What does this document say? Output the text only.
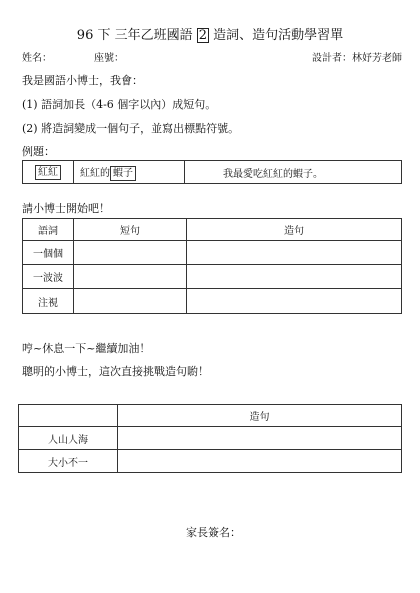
96 下 三年乙班國語 2 造詞、造句活動學習單
姓名：	座號：	設計者：林妤芳老師
我是國語小博士，我會：
(1) 語詞加長（4-6 個字以內）成短句。
(2) 將造詞變成一個句子，並寫出標點符號。
例題：
紅紅	紅紅的 蝦子	我最愛吃紅紅的蝦子。
請小博士開始吧！
語詞	短句	造句
一個個		
一波波		
注視		
哼~休息一下~繼續加油！
聰明的小博士，這次直接挑戰造句喲！
	造句
人山人海	
大小不一	
家長簽名：
